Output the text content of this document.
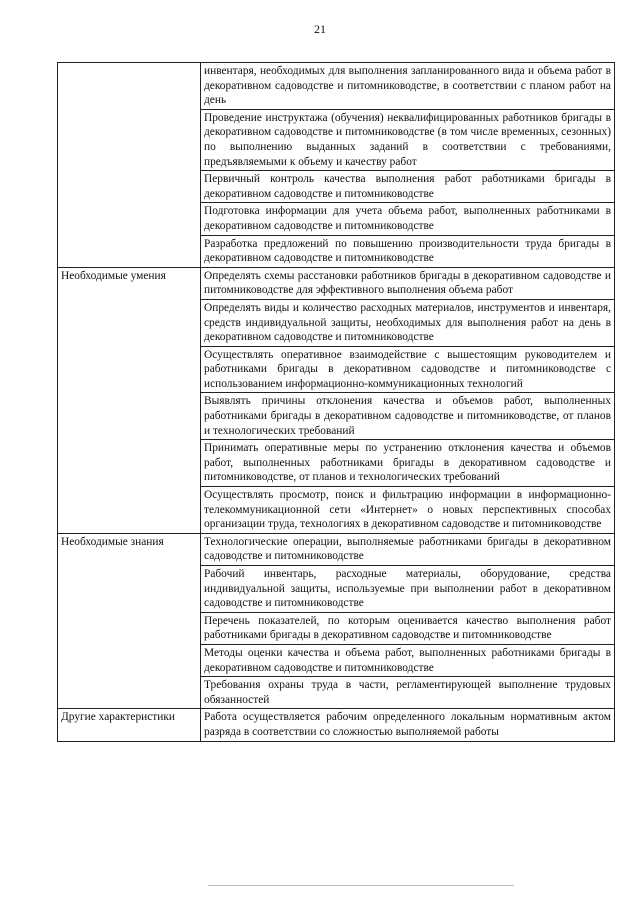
21
	инвентаря, необходимых для выполнения запланированного вида и объема работ в декоративном садоводстве и питомниководстве, в соответствии с планом работ на день
	Проведение инструктажа (обучения) неквалифицированных работников бригады в декоративном садоводстве и питомниководстве (в том числе временных, сезонных) по выполнению выданных заданий в соответствии с требованиями, предъявляемыми к объему и качеству работ
	Первичный контроль качества выполнения работ работниками бригады в декоративном садоводстве и питомниководстве
	Подготовка информации для учета объема работ, выполненных работниками в декоративном садоводстве и питомниководстве
	Разработка предложений по повышению производительности труда бригады в декоративном садоводстве и питомниководстве
Необходимые умения	Определять схемы расстановки работников бригады в декоративном садоводстве и питомниководстве для эффективного выполнения объема работ
	Определять виды и количество расходных материалов, инструментов и инвентаря, средств индивидуальной защиты, необходимых для выполнения работ на день в декоративном садоводстве и питомниководстве
	Осуществлять оперативное взаимодействие с вышестоящим руководителем и работниками бригады в декоративном садоводстве и питомниководстве с использованием информационно-коммуникационных технологий
	Выявлять причины отклонения качества и объемов работ, выполненных работниками бригады в декоративном садоводстве и питомниководстве, от планов и технологических требований
	Принимать оперативные меры по устранению отклонения качества и объемов работ, выполненных работниками бригады в декоративном садоводстве и питомниководстве, от планов и технологических требований
	Осуществлять просмотр, поиск и фильтрацию информации в информационно-телекоммуникационной сети «Интернет» о новых перспективных способах организации труда, технологиях в декоративном садоводстве и питомниководстве
Необходимые знания	Технологические операции, выполняемые работниками бригады в декоративном садоводстве и питомниководстве
	Рабочий инвентарь, расходные материалы, оборудование, средства индивидуальной защиты, используемые при выполнении работ в декоративном садоводстве и питомниководстве
	Перечень показателей, по которым оценивается качество выполнения работ работниками бригады в декоративном садоводстве и питомниководстве
	Методы оценки качества и объема работ, выполненных работниками бригады в декоративном садоводстве и питомниководстве
	Требования охраны труда в части, регламентирующей выполнение трудовых обязанностей
Другие характеристики	Работа осуществляется рабочим определенного локальным нормативным актом разряда в соответствии со сложностью выполняемой работы
